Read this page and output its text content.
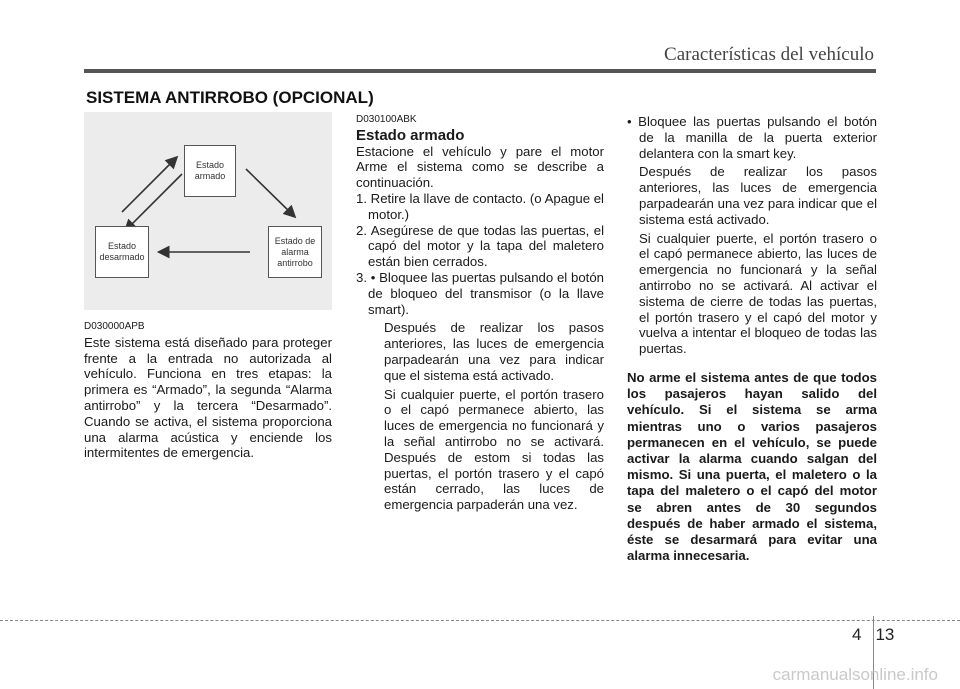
Características del vehículo
SISTEMA ANTIRROBO (OPCIONAL)
Estado armado
Estado desarmado
Estado de alarma antirrobo

D030000APB

Este sistema está diseñado para proteger frente a la entrada no autorizada al vehículo. Funciona en tres etapas: la primera es “Armado”, la segunda “Alarma antirrobo” y la tercera “Desarmado”. Cuando se activa, el sistema proporciona una alarma acústica y enciende los intermitentes de emergencia.

D030100ABK

Estado armado

Estacione el vehículo y pare el motor Arme el sistema como se describe a continuación.

1. Retire la llave de contacto. (o Apague el motor.)

2. Asegúrese de que todas las puertas, el capó del motor y la tapa del maletero están bien cerrados.

3. • Bloquee las puertas pulsando el botón de bloqueo del transmisor (o la llave smart).

Después de realizar los pasos anteriores, las luces de emergencia parpadearán una vez para indicar que el sistema está activado.

Si cualquier puerte, el portón trasero o el capó permanece abierto, las luces de emergencia no funcionará y la señal antirrobo no se activará. Después de estom si todas las puertas, el portón trasero y el capó están cerrado, las luces de emergencia parpaderán una vez.

• Bloquee las puertas pulsando el botón de la manilla de la puerta exterior delantera con la smart key.

Después de realizar los pasos anteriores, las luces de emergencia parpadearán una vez para indicar que el sistema está activado.

Si cualquier puerte, el portón trasero o el capó permanece abierto, las luces de emergencia no funcionará y la señal antirrobo no se activará. Al activar el sistema de cierre de todas las puertas, el portón trasero y el capó del motor y vuelva a intentar el bloqueo de todas las puertas.

No arme el sistema antes de que todos los pasajeros hayan salido del vehículo. Si el sistema se arma mientras uno o varios pasajeros permanecen en el vehículo, se puede activar la alarma cuando salgan del mismo. Si una puerta, el maletero o la tapa del maletero o el capó del motor se abren antes de 30 segundos después de haber armado el sistema, éste se desarmará para evitar una alarma innecesaria.

4 13
carmanualsonline.info
